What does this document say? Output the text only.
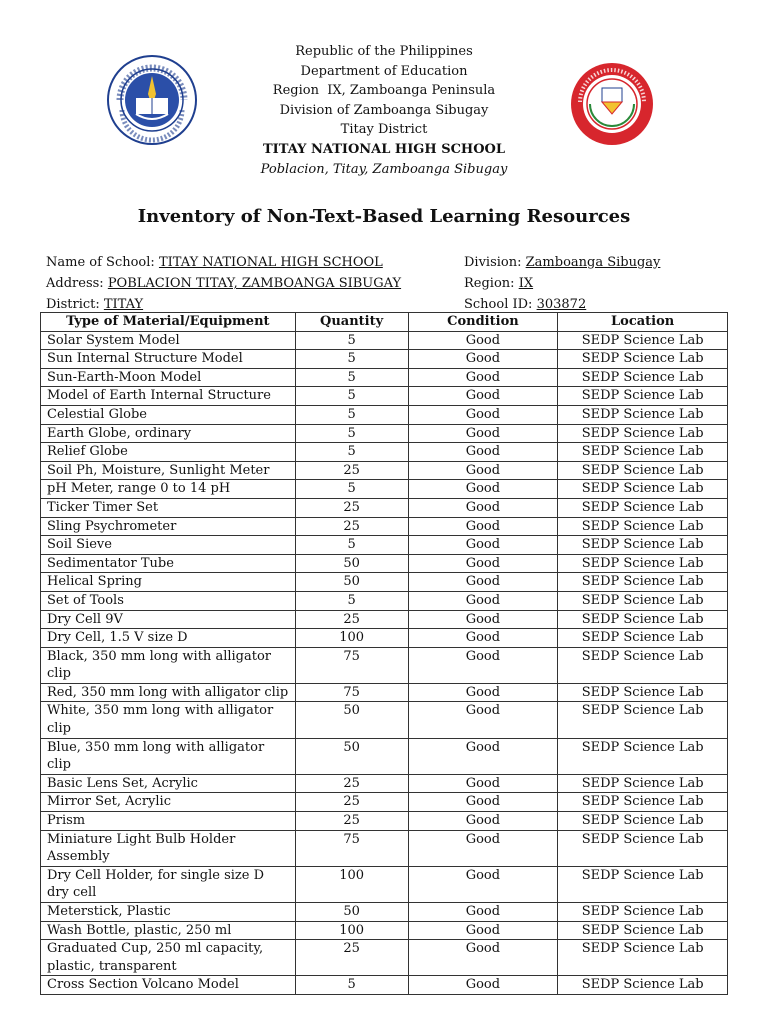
Republic of the Philippines
Department of Education
Region  IX, Zamboanga Peninsula
Division of Zamboanga Sibugay
Titay District
TITAY NATIONAL HIGH SCHOOL
Poblacion, Titay, Zamboanga Sibugay
Inventory of Non-Text-Based Learning Resources
Name of School: TITAY NATIONAL HIGH SCHOOL
Address: POBLACION TITAY, ZAMBOANGA SIBUGAY
District: TITAY
Division: Zamboanga Sibugay
Region: IX
School ID: 303872
Type of Material/Equipment	Quantity	Condition	Location
Solar System Model	5	Good	SEDP Science Lab
Sun Internal Structure Model	5	Good	SEDP Science Lab
Sun-Earth-Moon Model	5	Good	SEDP Science Lab
Model of Earth Internal Structure	5	Good	SEDP Science Lab
Celestial Globe	5	Good	SEDP Science Lab
Earth Globe, ordinary	5	Good	SEDP Science Lab
Relief Globe	5	Good	SEDP Science Lab
Soil Ph, Moisture, Sunlight Meter	25	Good	SEDP Science Lab
pH Meter, range 0 to 14 pH	5	Good	SEDP Science Lab
Ticker Timer Set	25	Good	SEDP Science Lab
Sling Psychrometer	25	Good	SEDP Science Lab
Soil Sieve	5	Good	SEDP Science Lab
Sedimentator Tube	50	Good	SEDP Science Lab
Helical Spring	50	Good	SEDP Science Lab
Set of Tools	5	Good	SEDP Science Lab
Dry Cell 9V	25	Good	SEDP Science Lab
Dry Cell, 1.5 V size D	100	Good	SEDP Science Lab
Black, 350 mm long with alligator clip	75	Good	SEDP Science Lab
Red, 350 mm long with alligator clip	75	Good	SEDP Science Lab
White, 350 mm long with alligator clip	50	Good	SEDP Science Lab
Blue, 350 mm long with alligator clip	50	Good	SEDP Science Lab
Basic Lens Set, Acrylic	25	Good	SEDP Science Lab
Mirror Set, Acrylic	25	Good	SEDP Science Lab
Prism	25	Good	SEDP Science Lab
Miniature Light Bulb Holder Assembly	75	Good	SEDP Science Lab
Dry Cell Holder, for single size D dry cell	100	Good	SEDP Science Lab
Meterstick, Plastic	50	Good	SEDP Science Lab
Wash Bottle, plastic, 250 ml	100	Good	SEDP Science Lab
Graduated Cup, 250 ml capacity, plastic, transparent	25	Good	SEDP Science Lab
Cross Section Volcano Model	5	Good	SEDP Science Lab
